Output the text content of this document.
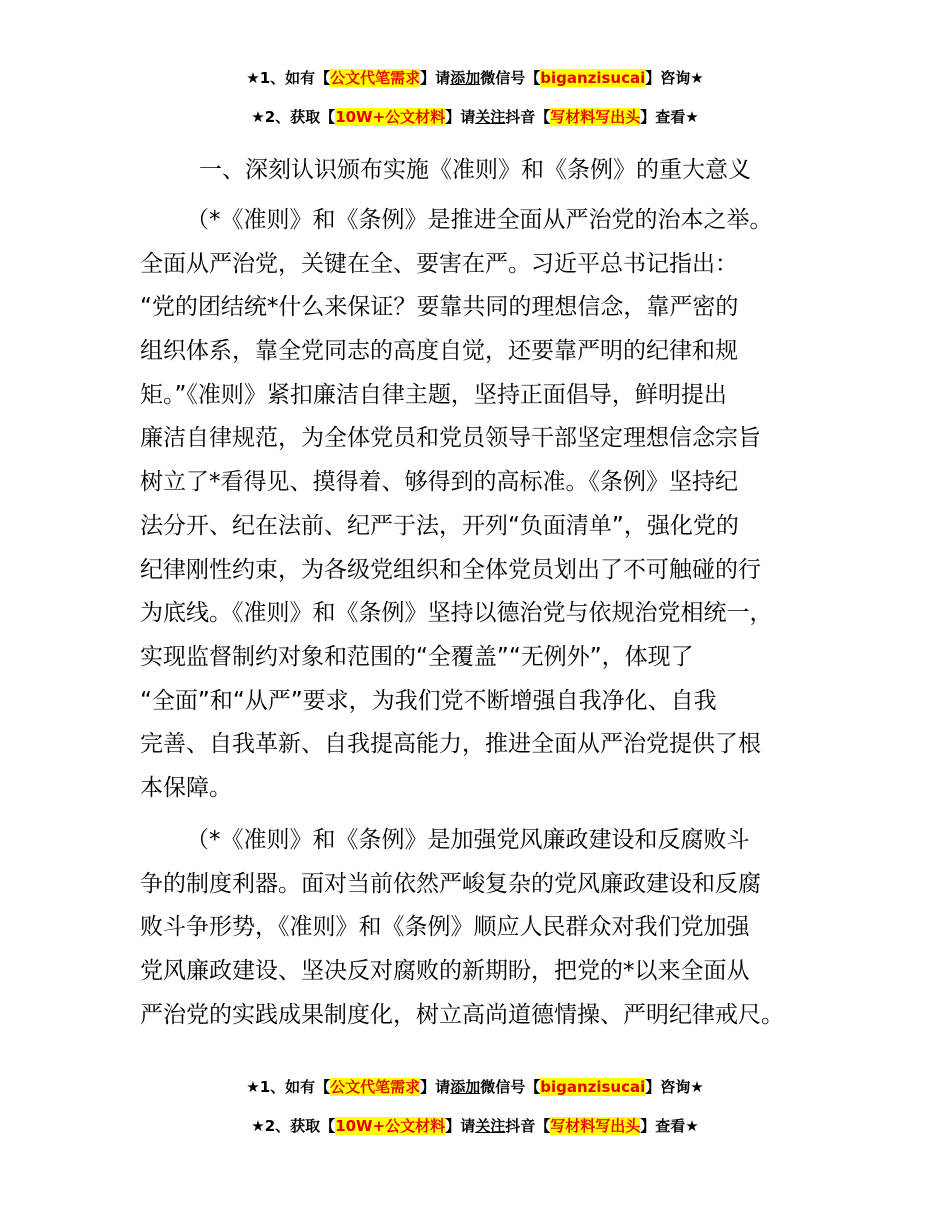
★1、如有【公文代笔需求】请添加微信号【biganzisucai】咨询★
★2、获取【10W+公文材料】请关注抖音【写材料写出头】查看★
一、深刻认识颁布实施《准则》和《条例》的重大意义
（*《准则》和《条例》是推进全面从严治党的治本之举。
全面从严治党，关键在全、要害在严。习近平总书记指出：
“党的团结统*什么来保证？要靠共同的理想信念，靠严密的
组织体系，靠全党同志的高度自觉，还要靠严明的纪律和规
矩。”《准则》紧扣廉洁自律主题，坚持正面倡导，鲜明提出
廉洁自律规范，为全体党员和党员领导干部坚定理想信念宗旨
树立了*看得见、摸得着、够得到的高标准。《条例》坚持纪
法分开、纪在法前、纪严于法，开列“负面清单”，强化党的
纪律刚性约束，为各级党组织和全体党员划出了不可触碰的行
为底线。《准则》和《条例》坚持以德治党与依规治党相统一，
实现监督制约对象和范围的“全覆盖”“无例外”，体现了
“全面”和“从严”要求，为我们党不断增强自我净化、自我
完善、自我革新、自我提高能力，推进全面从严治党提供了根
本保障。
（*《准则》和《条例》是加强党风廉政建设和反腐败斗
争的制度利器。面对当前依然严峻复杂的党风廉政建设和反腐
败斗争形势，《准则》和《条例》顺应人民群众对我们党加强
党风廉政建设、坚决反对腐败的新期盼，把党的*以来全面从
严治党的实践成果制度化，树立高尚道德情操、严明纪律戒尺。
★1、如有【公文代笔需求】请添加微信号【biganzisucai】咨询★
★2、获取【10W+公文材料】请关注抖音【写材料写出头】查看★
